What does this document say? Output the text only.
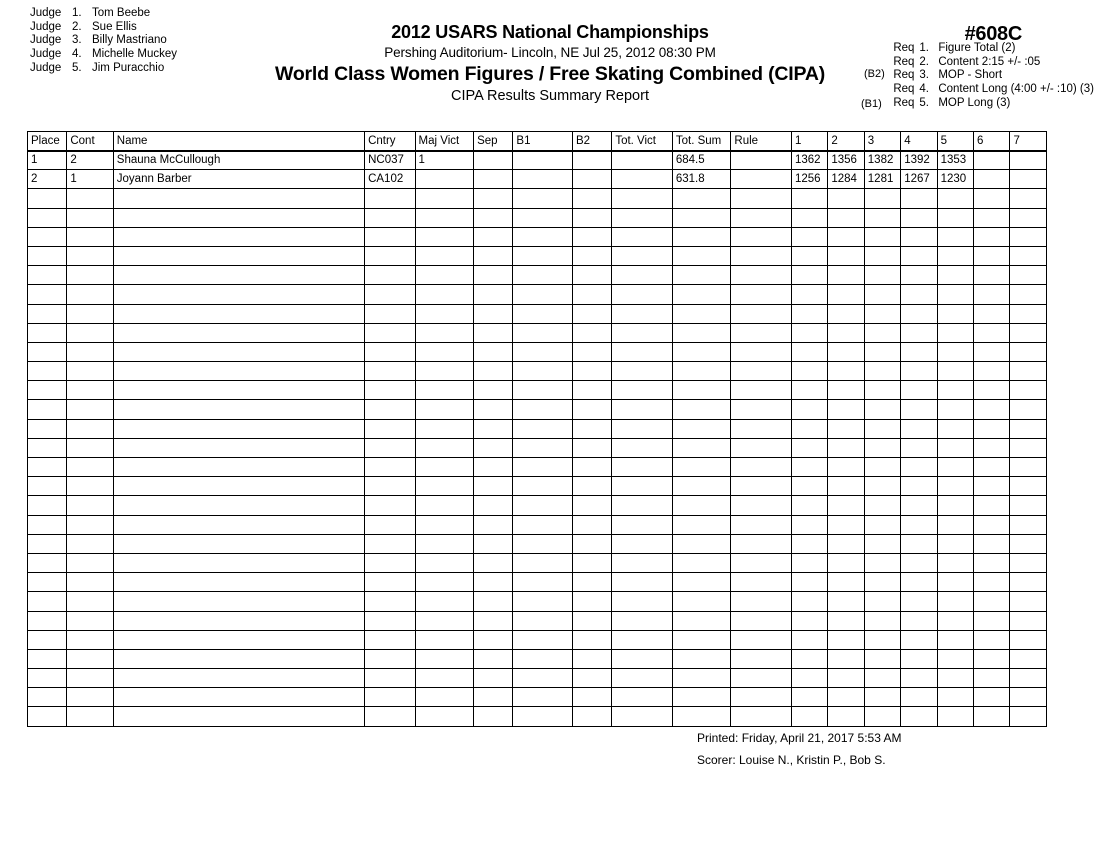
Judge 1. Tom Beebe
Judge 2. Sue Ellis
Judge 3. Billy Mastriano
Judge 4. Michelle Muckey
Judge 5. Jim Puracchio
2012 USARS National Championships
Pershing Auditorium- Lincoln, NE Jul 25, 2012 08:30 PM
World Class Women Figures / Free Skating Combined (CIPA)
CIPA Results Summary Report
(B2)
(B1)
#608C
Req 1. Figure Total (2)
Req 2. Content 2:15 +/- :05
Req 3. MOP - Short
Req 4. Content Long (4:00 +/- :10) (3)
Req 5. MOP Long (3)
Place	Cont	Name	Cntry	Maj Vict	Sep	B1	B2	Tot. Vict	Tot. Sum	Rule	1	2	3	4	5	6	7
1	2	Shauna McCullough	NC037	1					684.5		1362	1356	1382	1392	1353		
2	1	Joyann Barber	CA102						631.8		1256	1284	1281	1267	1230		

Printed: Friday, April 21, 2017 5:53 AM
Scorer: Louise N., Kristin P., Bob S.
